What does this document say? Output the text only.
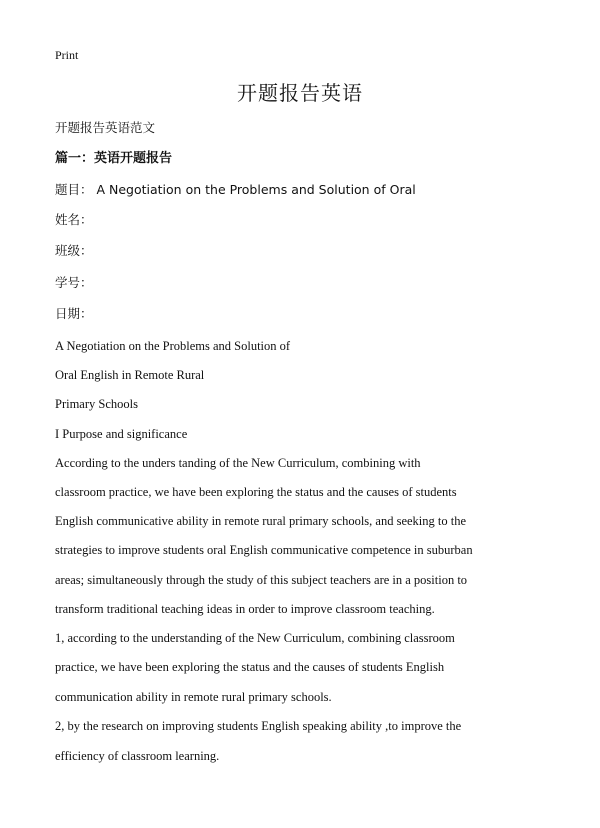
Print
开题报告英语
开题报告英语范文
篇一：英语开题报告
题目： A Negotiation on the Problems and Solution of Oral
姓名：
班级：
学号：
日期：
A Negotiation on the Problems and Solution of
Oral English in Remote Rural
Primary Schools
I Purpose and significance
According to the unders tanding of the New Curriculum, combining with
classroom practice, we have been exploring the status and the causes of students
English communicative ability in remote rural primary schools, and seeking to the
strategies to improve students oral English communicative competence in suburban
areas; simultaneously through the study of this subject teachers are in a position to
transform traditional teaching ideas in order to improve classroom teaching.
1, according to the understanding of the New Curriculum, combining classroom
practice, we have been exploring the status and the causes of students English
communication ability in remote rural primary schools.
2, by the research on improving students English speaking ability ,to improve the
efficiency of classroom learning.
